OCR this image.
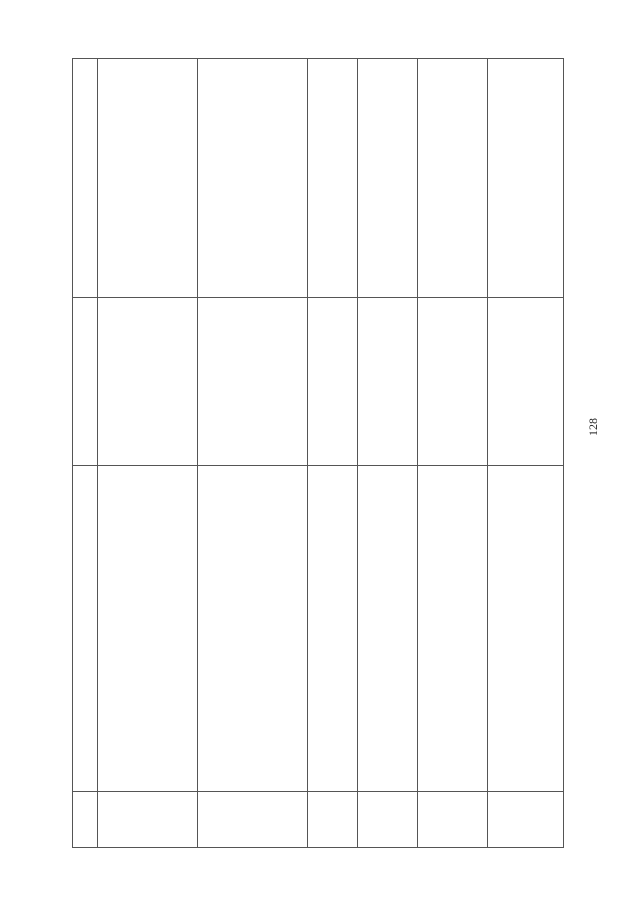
128
